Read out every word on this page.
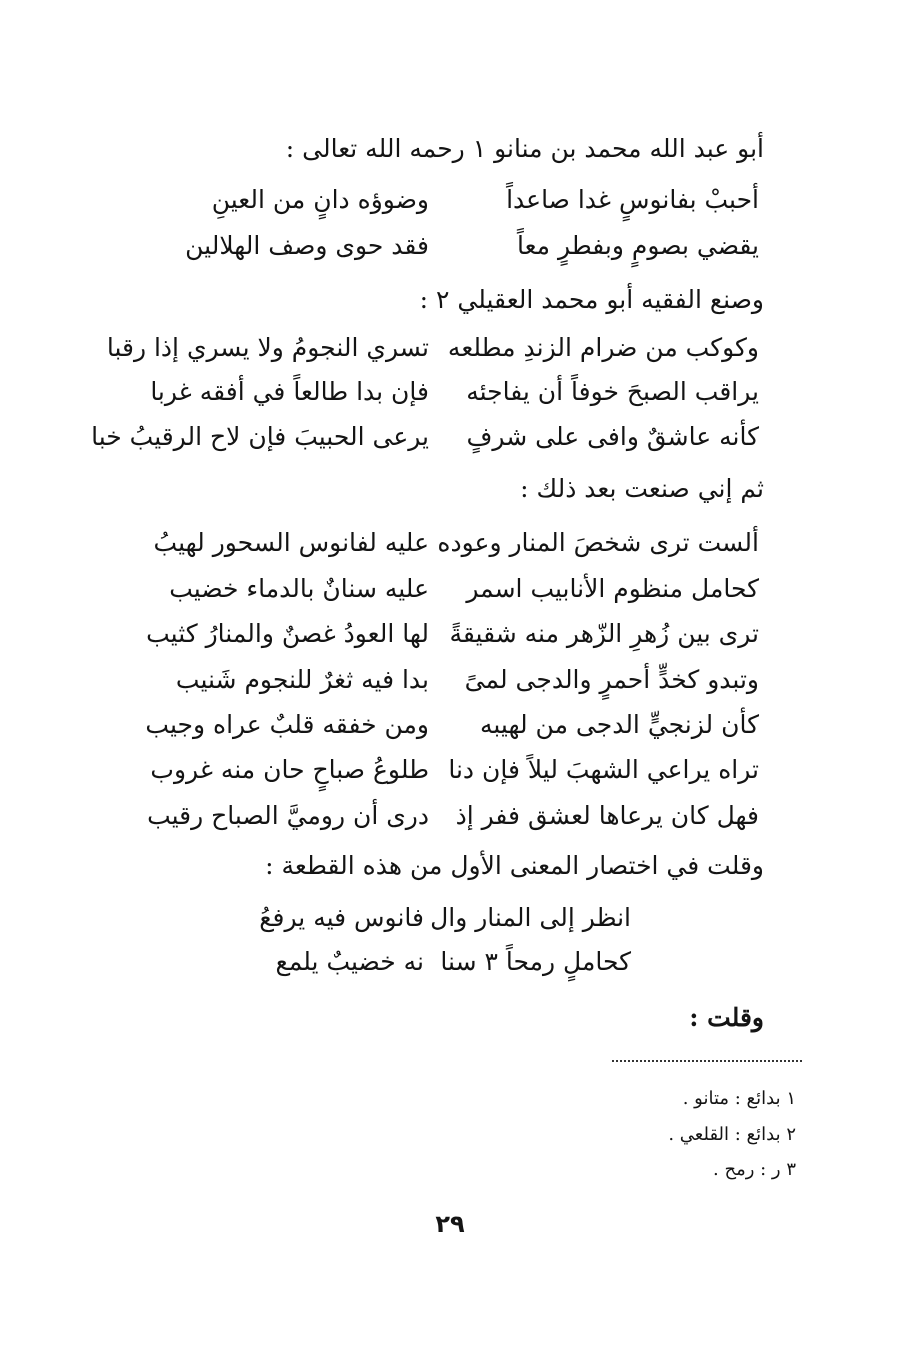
أبو عبد الله محمد بن منانو ١ رحمه الله تعالى :
أحببْ بفانوسٍ غدا صاعداً
وضوؤه دانٍ من العينِ
يقضي بصومٍ وبفطرٍ معاً
فقد حوى وصف الهلالين
وصنع الفقيه أبو محمد العقيلي ٢ :
وكوكب من ضرام الزندِ مطلعه
تسري النجومُ ولا يسري إذا رقبا
يراقب الصبحَ خوفاً أن يفاجئه
فإن بدا طالعاً في أفقه غربا
كأنه عاشقٌ وافى على شرفٍ
يرعى الحبيبَ فإن لاح الرقيبُ خبا
ثم إني صنعت بعد ذلك :
ألست ترى شخصَ المنار وعوده
عليه لفانوس السحور لهيبُ
كحامل منظوم الأنابيب اسمر
عليه سنانٌ بالدماء خضيب
ترى بين زُهرِ الزّهر منه شقيقةً
لها العودُ غصنٌ والمنارُ كثيب
وتبدو كخدٍّ أحمرٍ والدجى لمىً
بدا فيه ثغرٌ للنجوم شَنيب
كأن لزنجيٍّ الدجى من لهيبه
ومن خفقه قلبٌ عراه وجيب
تراه يراعي الشهبَ ليلاً فإن دنا
طلوعُ صباحٍ حان منه غروب
فهل كان يرعاها لعشق ففر إذ
درى أن روميَّ الصباح رقيب
وقلت في اختصار المعنى الأول من هذه القطعة :
انظر إلى المنار وال
فانوس فيه يرفعُ
كحاملٍ رمحاً ٣ سنا
نه خضيبٌ يلمع
وقلت :
١ بدائع : متانو .
٢ بدائع : القلعي .
٣ ر : رمح .
٢٩
